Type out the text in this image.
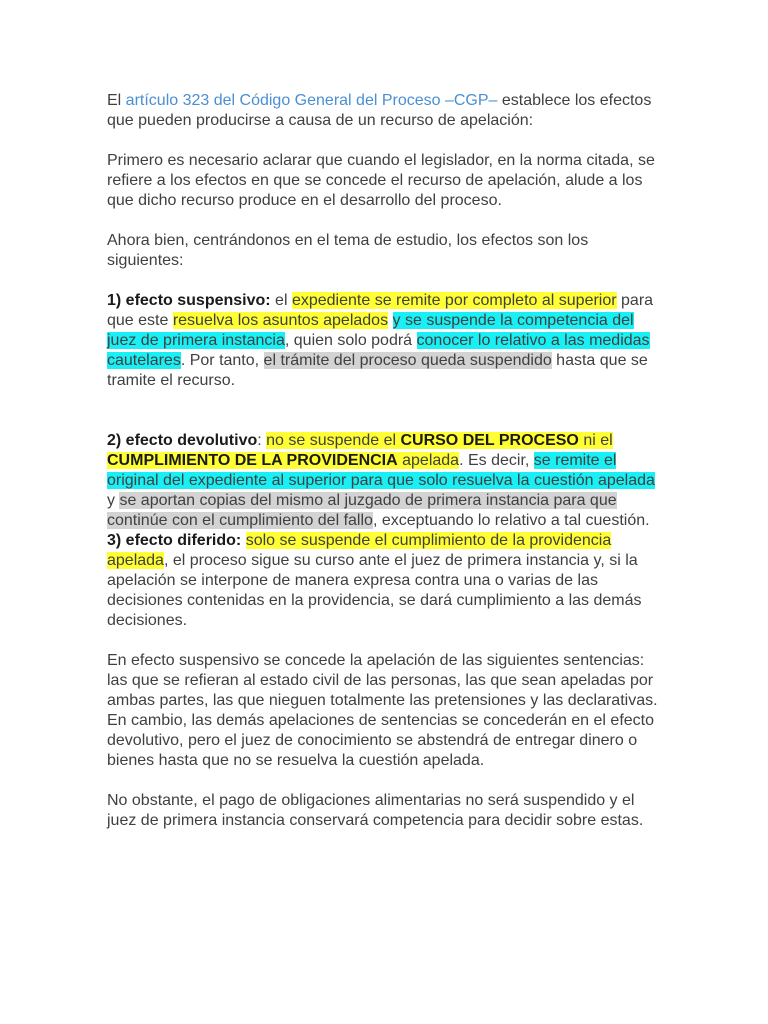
El artículo 323 del Código General del Proceso –CGP– establece los efectos que pueden producirse a causa de un recurso de apelación:

Primero es necesario aclarar que cuando el legislador, en la norma citada, se refiere a los efectos en que se concede el recurso de apelación, alude a los que dicho recurso produce en el desarrollo del proceso.

Ahora bien, centrándonos en el tema de estudio, los efectos son los siguientes:

1) efecto suspensivo: el expediente se remite por completo al superior para que este resuelva los asuntos apelados y se suspende la competencia del juez de primera instancia, quien solo podrá conocer lo relativo a las medidas cautelares. Por tanto, el trámite del proceso queda suspendido hasta que se tramite el recurso.

2) efecto devolutivo: no se suspende el CURSO DEL PROCESO ni el CUMPLIMIENTO DE LA PROVIDENCIA apelada. Es decir, se remite el original del expediente al superior para que solo resuelva la cuestión apelada y se aportan copias del mismo al juzgado de primera instancia para que continúe con el cumplimiento del fallo, exceptuando lo relativo a tal cuestión.

3) efecto diferido: solo se suspende el cumplimiento de la providencia apelada, el proceso sigue su curso ante el juez de primera instancia y, si la apelación se interpone de manera expresa contra una o varias de las decisiones contenidas en la providencia, se dará cumplimiento a las demás decisiones.

En efecto suspensivo se concede la apelación de las siguientes sentencias: las que se refieran al estado civil de las personas, las que sean apeladas por ambas partes, las que nieguen totalmente las pretensiones y las declarativas. En cambio, las demás apelaciones de sentencias se concederán en el efecto devolutivo, pero el juez de conocimiento se abstendrá de entregar dinero o bienes hasta que no se resuelva la cuestión apelada.

No obstante, el pago de obligaciones alimentarias no será suspendido y el juez de primera instancia conservará competencia para decidir sobre estas.
